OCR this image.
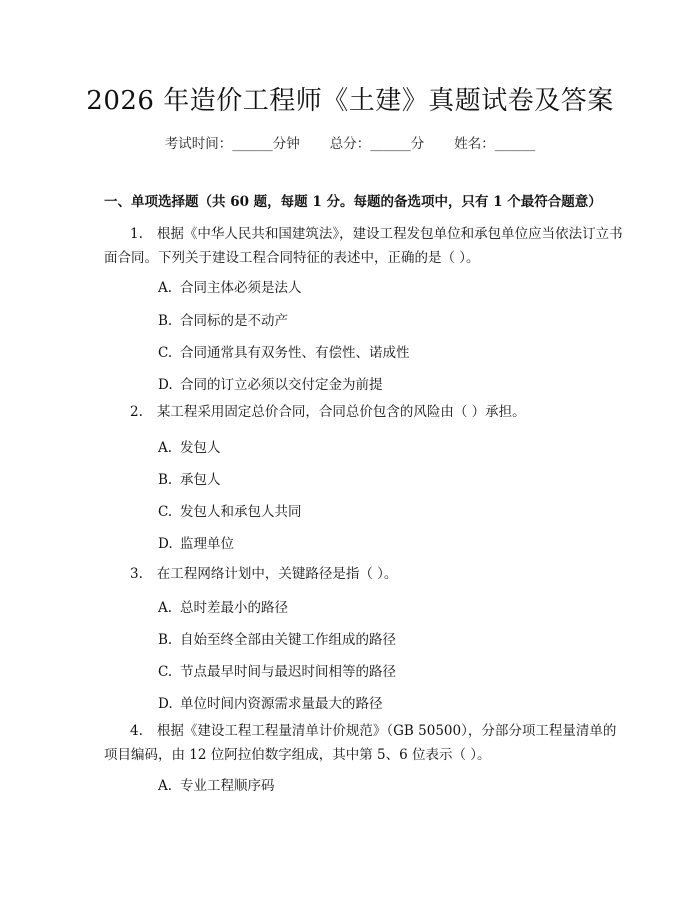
2026 年造价工程师《土建》真题试卷及答案
考试时间：______分钟 总分：______分 姓名：______
一、单项选择题（共 60 题，每题 1 分。每题的备选项中，只有 1 个最符合题意）
1. 根据《中华人民共和国建筑法》，建设工程发包单位和承包单位应当依法订立书面合同。下列关于建设工程合同特征的表述中，正确的是（ ）。
A. 合同主体必须是法人
B. 合同标的是不动产
C. 合同通常具有双务性、有偿性、诺成性
D. 合同的订立必须以交付定金为前提
2. 某工程采用固定总价合同，合同总价包含的风险由（ ）承担。
A. 发包人
B. 承包人
C. 发包人和承包人共同
D. 监理单位
3. 在工程网络计划中，关键路径是指（ ）。
A. 总时差最小的路径
B. 自始至终全部由关键工作组成的路径
C. 节点最早时间与最迟时间相等的路径
D. 单位时间内资源需求量最大的路径
4. 根据《建设工程工程量清单计价规范》（GB 50500），分部分项工程量清单的项目编码，由 12 位阿拉伯数字组成，其中第 5、6 位表示（ ）。
A. 专业工程顺序码
